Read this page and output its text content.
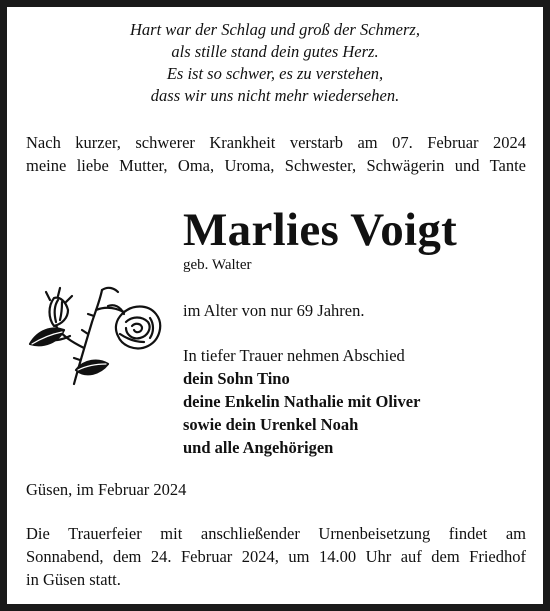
Hart war der Schlag und groß der Schmerz,
als stille stand dein gutes Herz.
Es ist so schwer, es zu verstehen,
dass wir uns nicht mehr wiedersehen.
Nach kurzer, schwerer Krankheit verstarb am 07. Februar 2024
meine liebe Mutter, Oma, Uroma, Schwester, Schwägerin und Tante
Marlies Voigt
geb. Walter
im Alter von nur 69 Jahren.
In tiefer Trauer nehmen Abschied
dein Sohn Tino
deine Enkelin Nathalie mit Oliver
sowie dein Urenkel Noah
und alle Angehörigen
Güsen, im Februar 2024
Die Trauerfeier mit anschließender Urnenbeisetzung findet am
Sonnabend, dem 24. Februar 2024, um 14.00 Uhr auf dem Friedhof
in Güsen statt.
